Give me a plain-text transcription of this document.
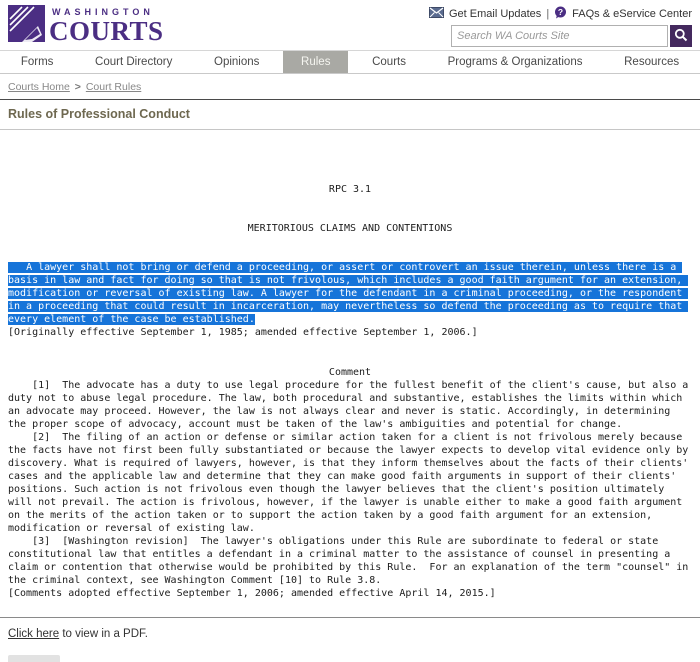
WASHINGTON
COURTS
Get Email Updates | ? FAQs & eService Center
Search WA Courts Site
Forms	Court Directory	Opinions	Rules	Courts	Programs & Organizations	Resources
Courts Home > Court Rules
Rules of Professional Conduct

RPC 3.1

MERITORIOUS CLAIMS AND CONTENTIONS

A lawyer shall not bring or defend a proceeding, or assert or controvert an issue therein, unless there is a basis in law and fact for doing so that is not frivolous, which includes a good faith argument for an extension, modification or reversal of existing law. A lawyer for the defendant in a criminal proceeding, or the respondent in a proceeding that could result in incarceration, may nevertheless so defend the proceeding as to require that every element of the case be established.
[Originally effective September 1, 1985; amended effective September 1, 2006.]
Comment
[1]  The advocate has a duty to use legal procedure for the fullest benefit of the client's cause, but also a duty not to abuse legal procedure. The law, both procedural and substantive, establishes the limits within which an advocate may proceed. However, the law is not always clear and never is static. Accordingly, in determining the proper scope of advocacy, account must be taken of the law's ambiguities and potential for change.
[2]  The filing of an action or defense or similar action taken for a client is not frivolous merely because the facts have not first been fully substantiated or because the lawyer expects to develop vital evidence only by discovery. What is required of lawyers, however, is that they inform themselves about the facts of their clients' cases and the applicable law and determine that they can make good faith arguments in support of their clients' positions. Such action is not frivolous even though the lawyer believes that the client's position ultimately will not prevail. The action is frivolous, however, if the lawyer is unable either to make a good faith argument on the merits of the action taken or to support the action taken by a good faith argument for an extension, modification or reversal of existing law.
[3]  [Washington revision]  The lawyer's obligations under this Rule are subordinate to federal or state constitutional law that entitles a defendant in a criminal matter to the assistance of counsel in presenting a claim or contention that otherwise would be prohibited by this Rule.  For an explanation of the term "counsel" in the criminal context, see Washington Comment [10] to Rule 3.8.
[Comments adopted effective September 1, 2006; amended effective April 14, 2015.]
Click here to view in a PDF.
